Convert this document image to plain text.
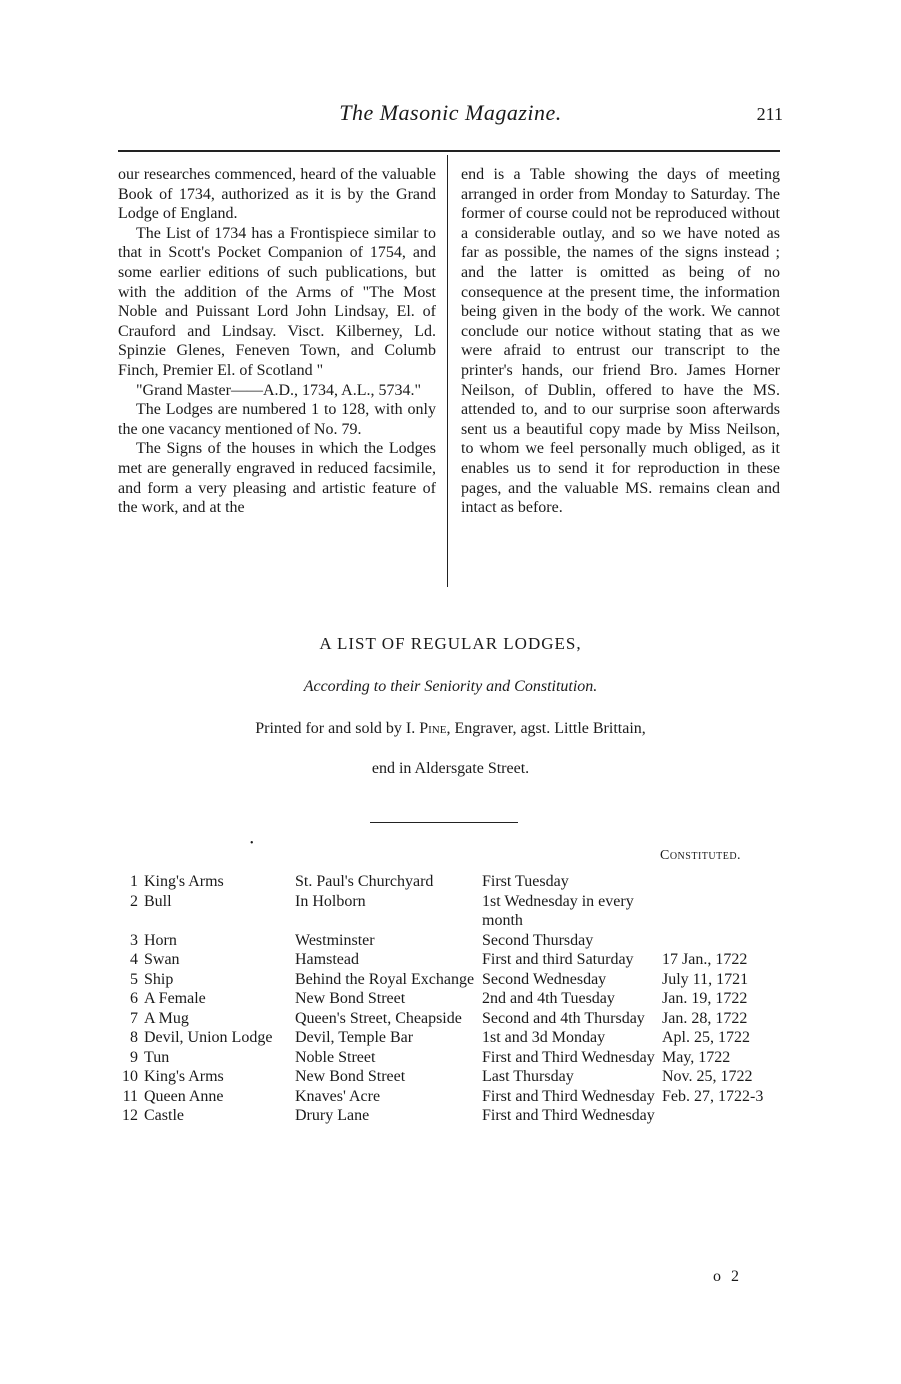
The Masonic Magazine.	211

our researches commenced, heard of the valuable Book of 1734, authorized as it is by the Grand Lodge of England.

The List of 1734 has a Frontispiece similar to that in Scott's Pocket Companion of 1754, and some earlier editions of such publications, but with the addition of the Arms of "The Most Noble and Puissant Lord John Lindsay, El. of Crauford and Lindsay. Visct. Kilberney, Ld. Spinzie Glenes, Feneven Town, and Columb Finch, Premier El. of Scotland "

"Grand Master——A.D., 1734, A.L., 5734."

The Lodges are numbered 1 to 128, with only the one vacancy mentioned of No. 79.

The Signs of the houses in which the Lodges met are generally engraved in reduced facsimile, and form a very pleasing and artistic feature of the work, and at the

end is a Table showing the days of meeting arranged in order from Monday to Saturday. The former of course could not be reproduced without a considerable outlay, and so we have noted as far as possible, the names of the signs instead ; and the latter is omitted as being of no consequence at the present time, the information being given in the body of the work. We cannot conclude our notice without stating that as we were afraid to entrust our transcript to the printer's hands, our friend Bro. James Horner Neilson, of Dublin, offered to have the MS. attended to, and to our surprise soon afterwards sent us a beautiful copy made by Miss Neilson, to whom we feel personally much obliged, as it enables us to send it for reproduction in these pages, and the valuable MS. remains clean and intact as before.

A LIST OF REGULAR LODGES,
According to their Seniority and Constitution.
Printed for and sold by I. Pine, Engraver, agst. Little Brittain,
end in Aldersgate Street.
•
Constituted.
1	King's Arms	St. Paul's Churchyard	First Tuesday	
2	Bull	In Holborn	1st Wednesday in every month	
3	Horn	Westminster	Second Thursday	
4	Swan	Hamstead	First and third Saturday	17 Jan., 1722
5	Ship	Behind the Royal Exchange	Second Wednesday	July 11, 1721
6	A Female	New Bond Street	2nd and 4th Tuesday	Jan. 19, 1722
7	A Mug	Queen's Street, Cheapside	Second and 4th Thursday	Jan. 28, 1722
8	Devil, Union Lodge	Devil, Temple Bar	1st and 3d Monday	Apl. 25, 1722
9	Tun	Noble Street	First and Third Wednesday	May, 1722
10	King's Arms	New Bond Street	Last Thursday	Nov. 25, 1722
11	Queen Anne	Knaves' Acre	First and Third Wednesday	Feb. 27, 1722-3
12	Castle	Drury Lane	First and Third Wednesday	
o 2
